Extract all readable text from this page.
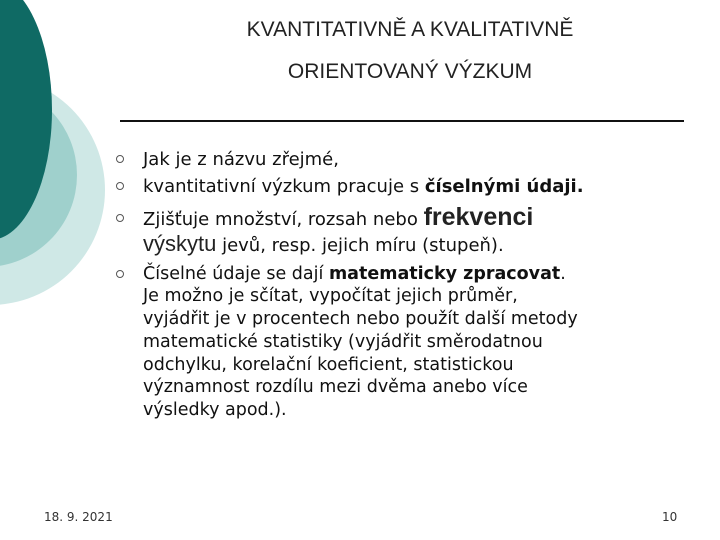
KVANTITATIVNĚ A KVALITATIVNĚ
ORIENTOVANÝ VÝZKUM
Jak je z názvu zřejmé,
kvantitativní výzkum pracuje s číselnými údaji.
Zjišťuje množství, rozsah nebo frekvenci
výskytu jevů, resp. jejich míru (stupeň).
Číselné údaje se dají matematicky zpracovat.
Je možno je sčítat, vypočítat jejich průměr,
vyjádřit je v procentech nebo použít další metody
matematické statistiky (vyjádřit směrodatnou
odchylku, korelační koeficient, statistickou
významnost rozdílu mezi dvěma anebo více
výsledky apod.).
18. 9. 2021	10
